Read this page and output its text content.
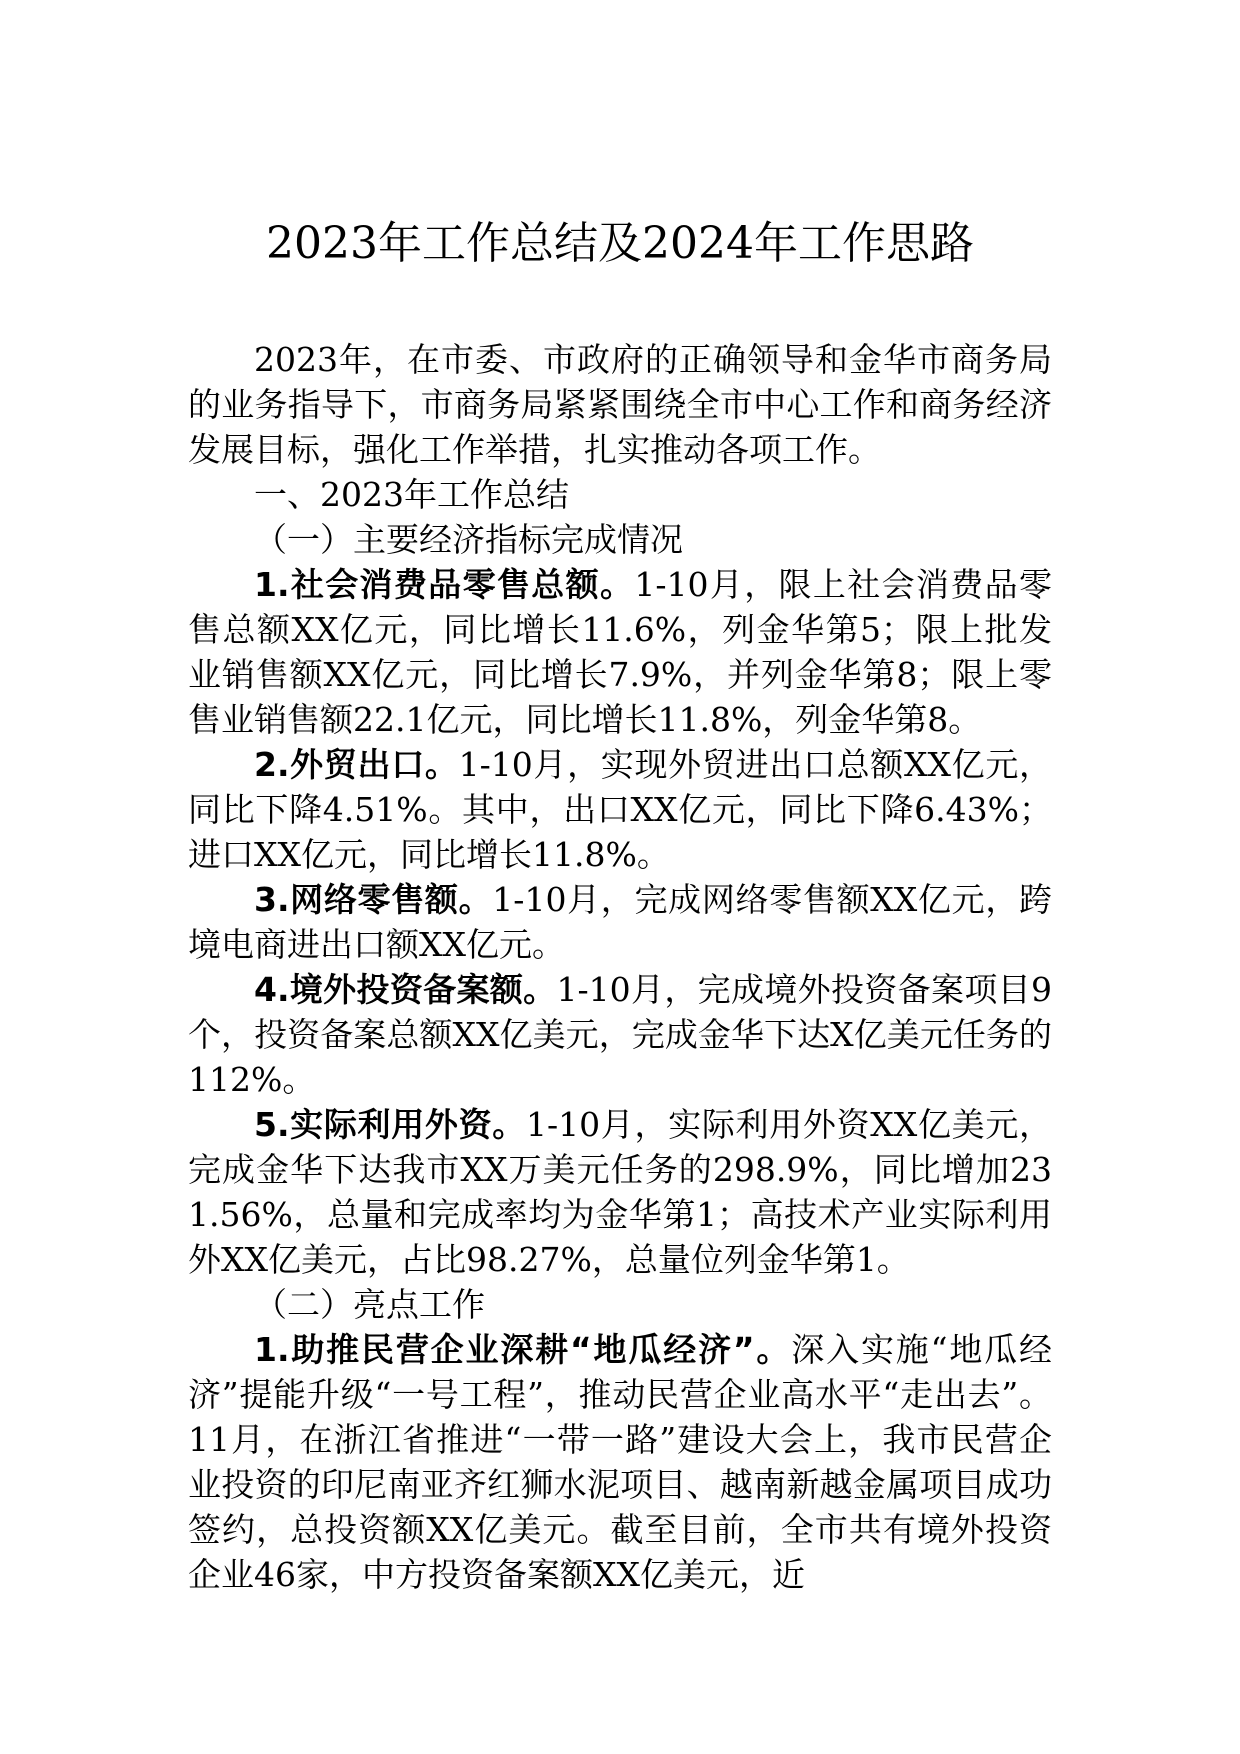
2023年工作总结及2024年工作思路

2023年，在市委、市政府的正确领导和金华市商务局的业务指导下，市商务局紧紧围绕全市中心工作和商务经济发展目标，强化工作举措，扎实推动各项工作。

一、2023年工作总结

（一）主要经济指标完成情况

1.社会消费品零售总额。1-10月，限上社会消费品零售总额XX亿元，同比增长11.6%，列金华第5；限上批发业销售额XX亿元，同比增长7.9%，并列金华第8；限上零售业销售额22.1亿元，同比增长11.8%，列金华第8。

2.外贸出口。1-10月，实现外贸进出口总额XX亿元，同比下降4.51%。其中，出口XX亿元，同比下降6.43%；进口XX亿元，同比增长11.8%。

3.网络零售额。1-10月，完成网络零售额XX亿元，跨境电商进出口额XX亿元。

4.境外投资备案额。1-10月，完成境外投资备案项目9个，投资备案总额XX亿美元，完成金华下达X亿美元任务的112%。

5.实际利用外资。1-10月，实际利用外资XX亿美元，完成金华下达我市XX万美元任务的298.9%，同比增加231.56%，总量和完成率均为金华第1；高技术产业实际利用外XX亿美元，占比98.27%，总量位列金华第1。

（二）亮点工作

1.助推民营企业深耕“地瓜经济”。深入实施“地瓜经济”提能升级“一号工程”，推动民营企业高水平“走出去”。11月，在浙江省推进“一带一路”建设大会上，我市民营企业投资的印尼南亚齐红狮水泥项目、越南新越金属项目成功签约，总投资额XX亿美元。截至目前，全市共有境外投资企业46家，中方投资备案额XX亿美元，近
